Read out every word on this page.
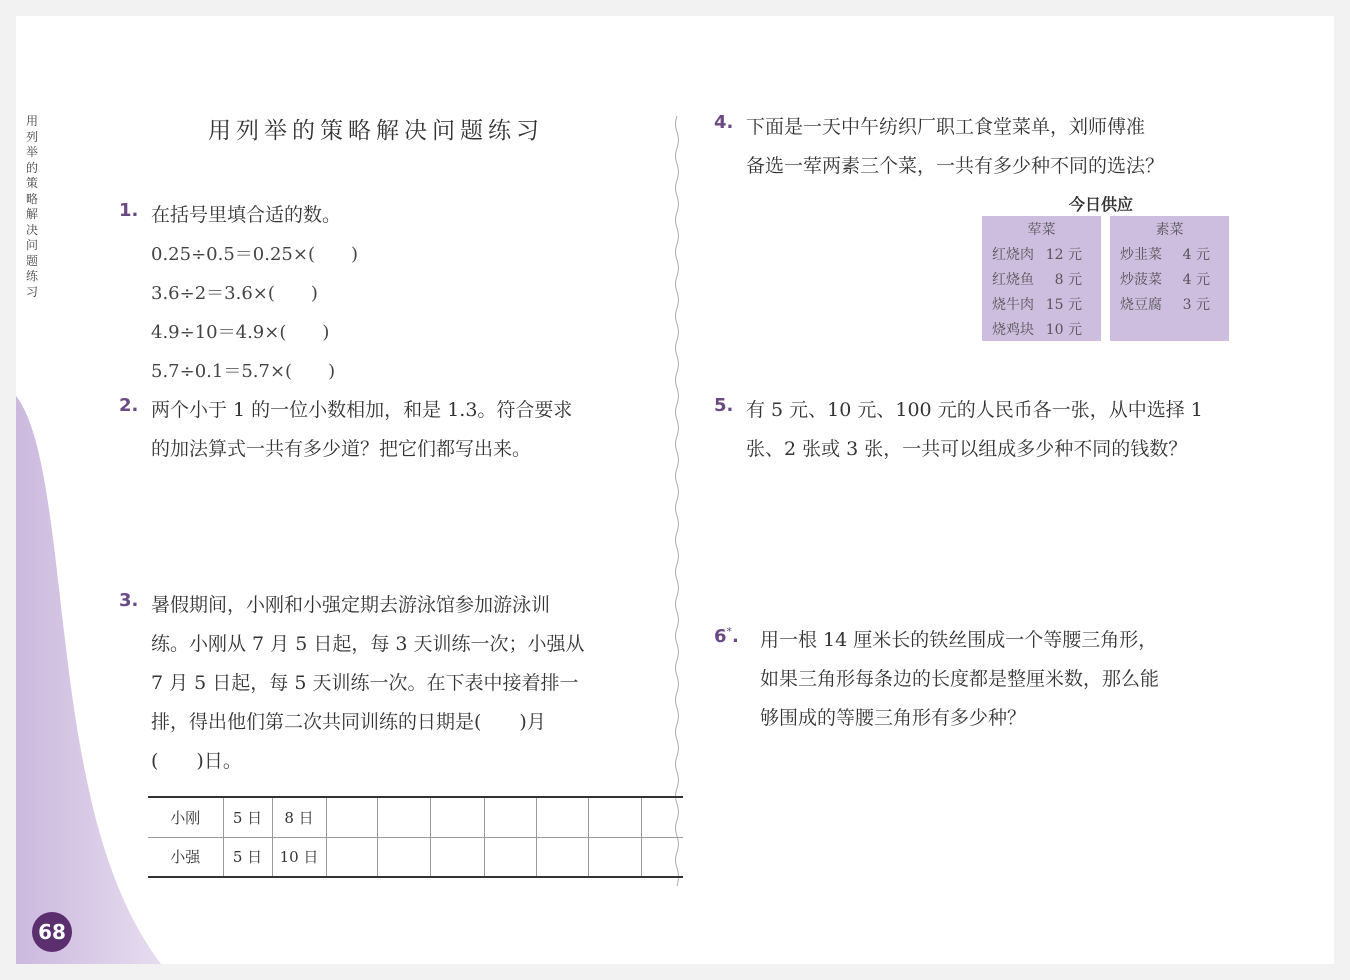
用列举的策略解决问题练习
68
用列举的策略解决问题练习
1. 在括号里填合适的数。
0.25÷0.5＝0.25×(　　)
3.6÷2＝3.6×(　　)
4.9÷10＝4.9×(　　)
5.7÷0.1＝5.7×(　　)
2. 两个小于 1 的一位小数相加，和是 1.3。符合要求
的加法算式一共有多少道？把它们都写出来。
3. 暑假期间，小刚和小强定期去游泳馆参加游泳训
练。小刚从 7 月 5 日起，每 3 天训练一次；小强从
7 月 5 日起，每 5 天训练一次。在下表中接着排一
排，得出他们第二次共同训练的日期是(　　)月
(　　)日。
小刚	5 日	8 日							
小强	5 日	10 日							
4. 下面是一天中午纺织厂职工食堂菜单，刘师傅准
备选一荤两素三个菜，一共有多少种不同的选法？
今日供应
荤菜
红烧肉 12 元
红烧鱼 8 元
烧牛肉 15 元
烧鸡块 10 元
素菜
炒韭菜 4 元
炒菠菜 4 元
烧豆腐 3 元
5. 有 5 元、10 元、100 元的人民币各一张，从中选择 1
张、2 张或 3 张，一共可以组成多少种不同的钱数？
6*. 用一根 14 厘米长的铁丝围成一个等腰三角形，
如果三角形每条边的长度都是整厘米数，那么能
够围成的等腰三角形有多少种？
